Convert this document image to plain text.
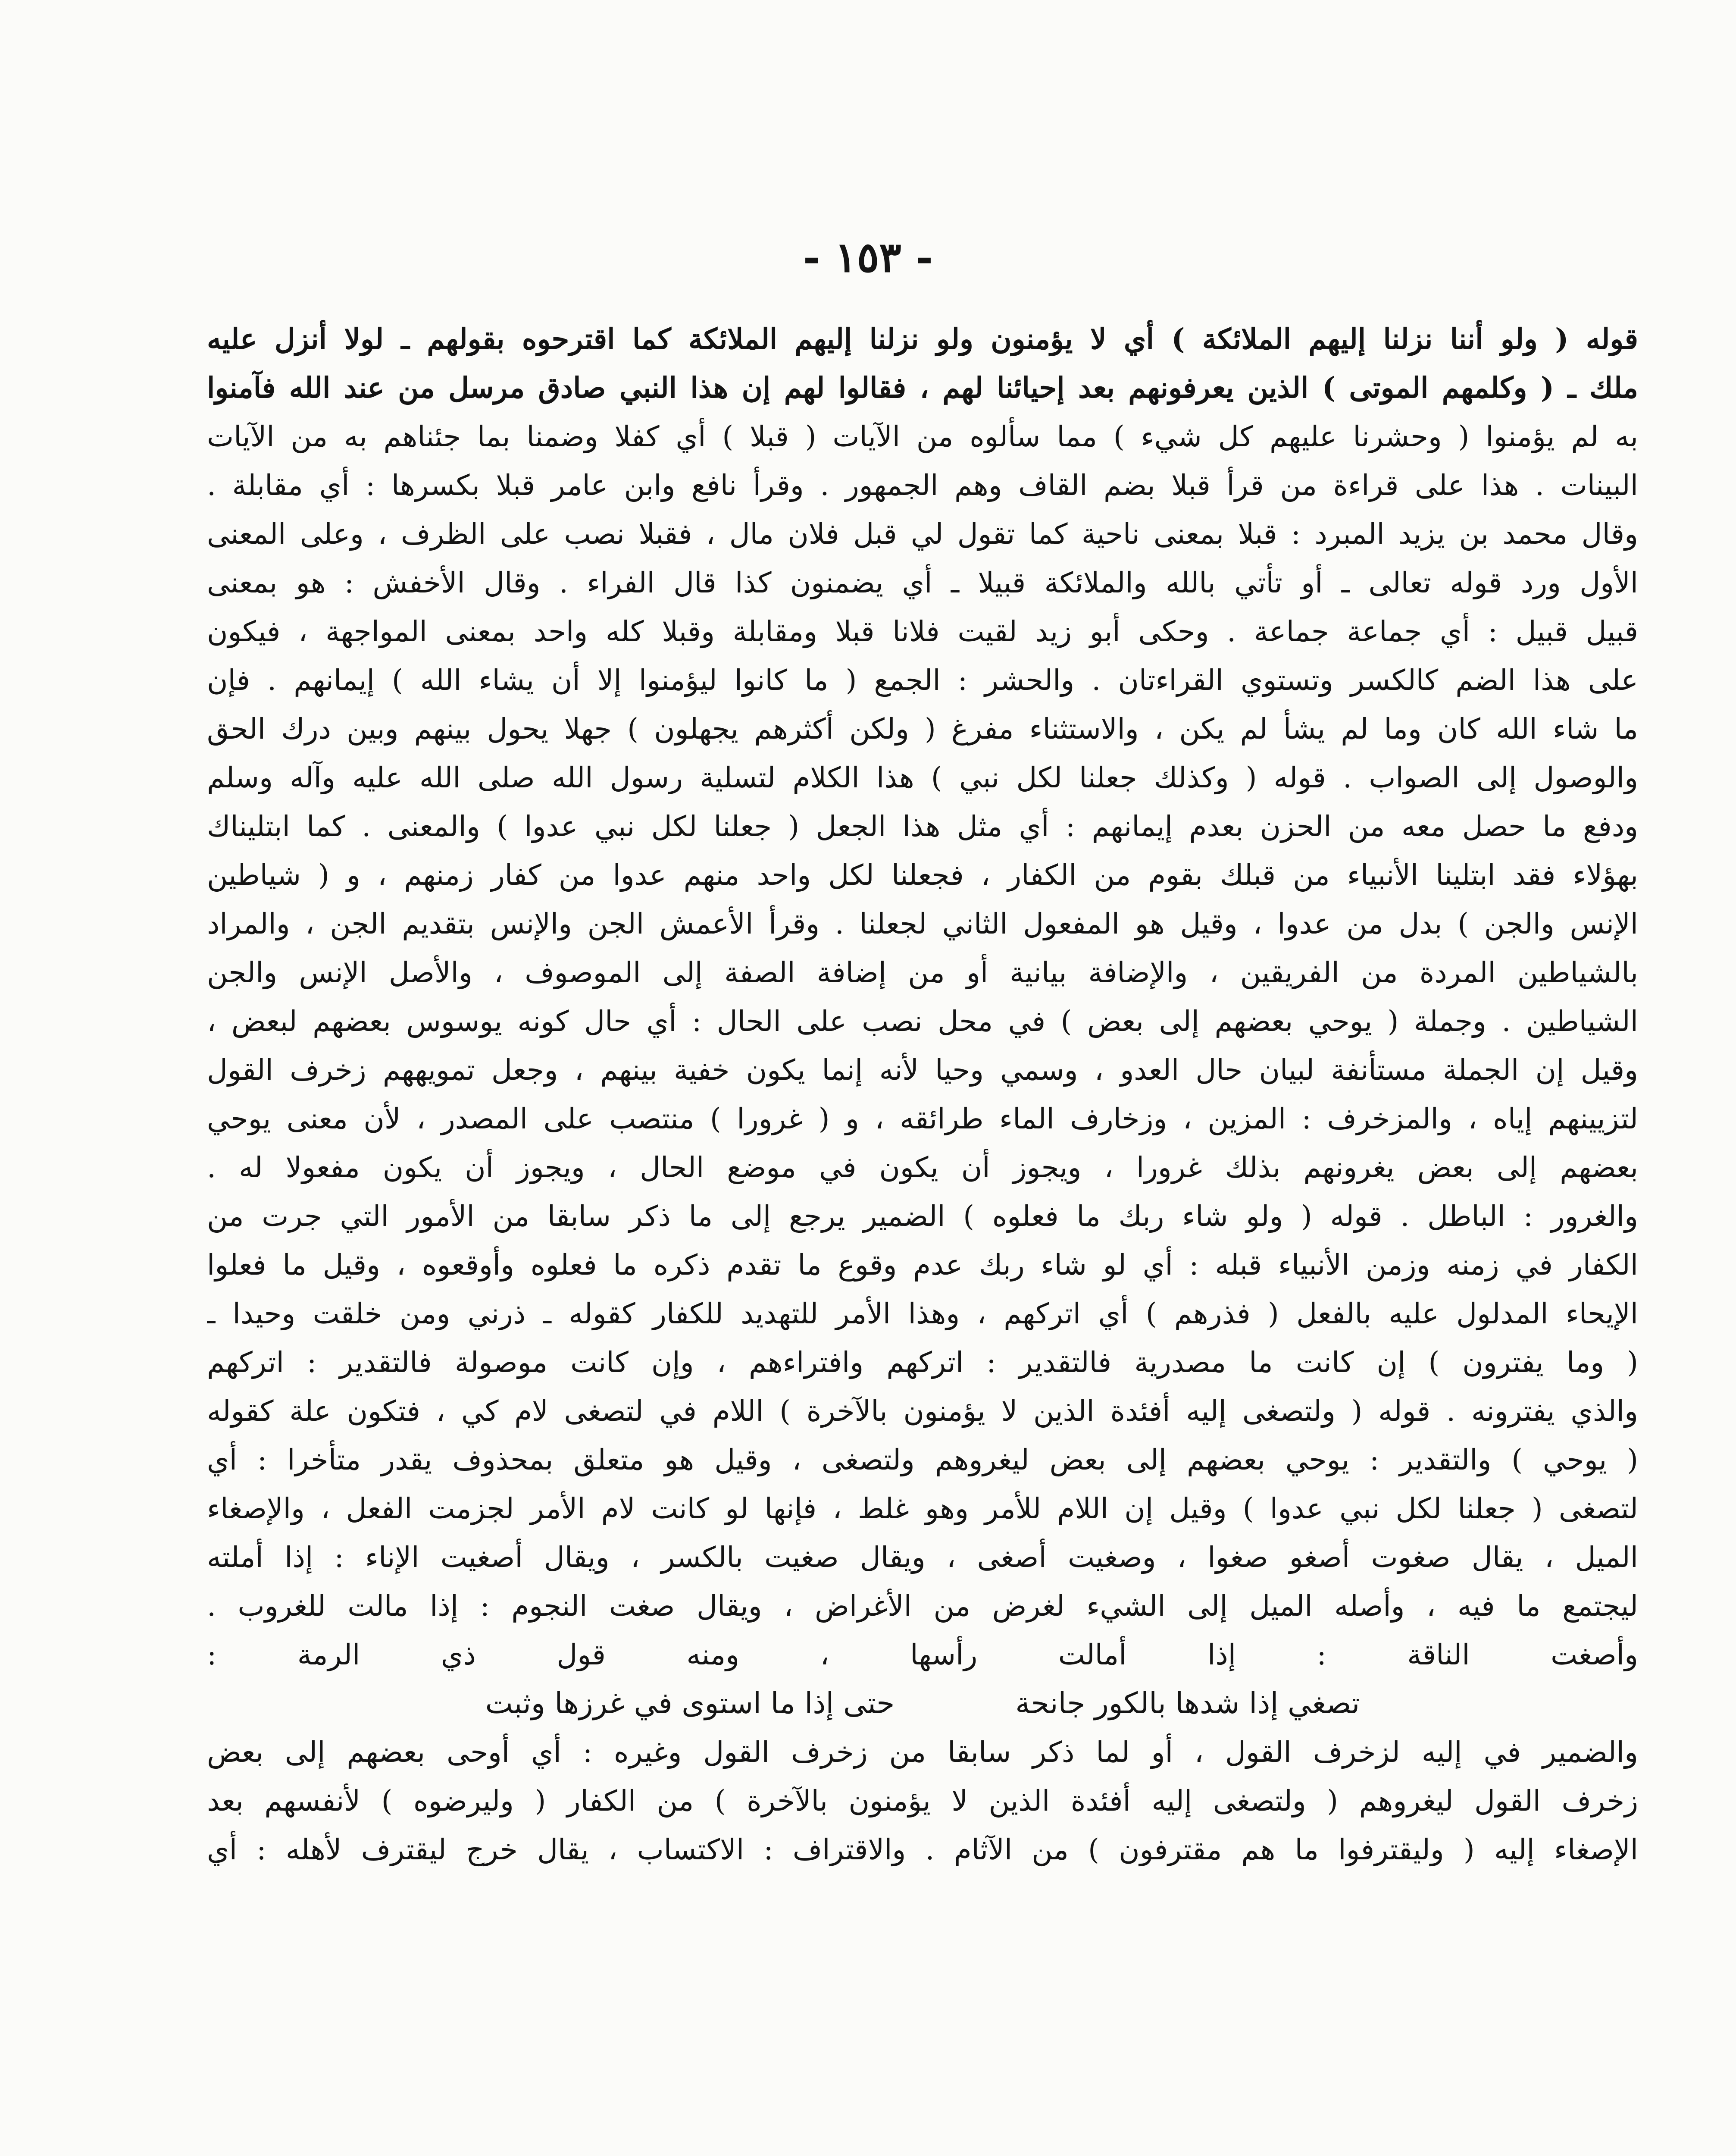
- ١٥٣ -
قوله ( ولو أننا نزلنا إليهم الملائكة ) أي لا يؤمنون ولو نزلنا إليهم الملائكة كما اقترحوه بقولهم ـ لولا أنزل عليه
ملك ـ ( وكلمهم الموتى ) الذين يعرفونهم بعد إحيائنا لهم ، فقالوا لهم إن هذا النبي صادق مرسل من عند الله فآمنوا
به لم يؤمنوا ( وحشرنا عليهم كل شيء ) مما سألوه من الآيات ( قبلا ) أي كفلا وضمنا بما جئناهم به من الآيات
البينات . هذا على قراءة من قرأ قبلا بضم القاف وهم الجمهور . وقرأ نافع وابن عامر قبلا بكسرها : أي مقابلة .
وقال محمد بن يزيد المبرد : قبلا بمعنى ناحية كما تقول لي قبل فلان مال ، فقبلا نصب على الظرف ، وعلى المعنى
الأول ورد قوله تعالى ـ أو تأتي بالله والملائكة قبيلا ـ أي يضمنون كذا قال الفراء . وقال الأخفش : هو بمعنى
قبيل قبيل : أي جماعة جماعة . وحكى أبو زيد لقيت فلانا قبلا ومقابلة وقبلا كله واحد بمعنى المواجهة ، فيكون
على هذا الضم كالكسر وتستوي القراءتان . والحشر : الجمع ( ما كانوا ليؤمنوا إلا أن يشاء الله ) إيمانهم . فإن
ما شاء الله كان وما لم يشأ لم يكن ، والاستثناء مفرغ ( ولكن أكثرهم يجهلون ) جهلا يحول بينهم وبين درك الحق
والوصول إلى الصواب . قوله ( وكذلك جعلنا لكل نبي ) هذا الكلام لتسلية رسول الله صلى الله عليه وآله وسلم
ودفع ما حصل معه من الحزن بعدم إيمانهم : أي مثل هذا الجعل ( جعلنا لكل نبي عدوا ) والمعنى . كما ابتليناك
بهؤلاء فقد ابتلينا الأنبياء من قبلك بقوم من الكفار ، فجعلنا لكل واحد منهم عدوا من كفار زمنهم ، و ( شياطين
الإنس والجن ) بدل من عدوا ، وقيل هو المفعول الثاني لجعلنا . وقرأ الأعمش الجن والإنس بتقديم الجن ، والمراد
بالشياطين المردة من الفريقين ، والإضافة بيانية أو من إضافة الصفة إلى الموصوف ، والأصل الإنس والجن
الشياطين . وجملة ( يوحي بعضهم إلى بعض ) في محل نصب على الحال : أي حال كونه يوسوس بعضهم لبعض ،
وقيل إن الجملة مستأنفة لبيان حال العدو ، وسمي وحيا لأنه إنما يكون خفية بينهم ، وجعل تمويههم زخرف القول
لتزيينهم إياه ، والمزخرف : المزين ، وزخارف الماء طرائقه ، و ( غرورا ) منتصب على المصدر ، لأن معنى يوحي
بعضهم إلى بعض يغرونهم بذلك غرورا ، ويجوز أن يكون في موضع الحال ، ويجوز أن يكون مفعولا له .
والغرور : الباطل . قوله ( ولو شاء ربك ما فعلوه ) الضمير يرجع إلى ما ذكر سابقا من الأمور التي جرت من
الكفار في زمنه وزمن الأنبياء قبله : أي لو شاء ربك عدم وقوع ما تقدم ذكره ما فعلوه وأوقعوه ، وقيل ما فعلوا
الإيحاء المدلول عليه بالفعل ( فذرهم ) أي اتركهم ، وهذا الأمر للتهديد للكفار كقوله ـ ذرني ومن خلقت وحيدا ـ
( وما يفترون ) إن كانت ما مصدرية فالتقدير : اتركهم وافتراءهم ، وإن كانت موصولة فالتقدير : اتركهم
والذي يفترونه . قوله ( ولتصغى إليه أفئدة الذين لا يؤمنون بالآخرة ) اللام في لتصغى لام كي ، فتكون علة كقوله
( يوحي ) والتقدير : يوحي بعضهم إلى بعض ليغروهم ولتصغى ، وقيل هو متعلق بمحذوف يقدر متأخرا : أي
لتصغى ( جعلنا لكل نبي عدوا ) وقيل إن اللام للأمر وهو غلط ، فإنها لو كانت لام الأمر لجزمت الفعل ، والإصغاء
الميل ، يقال صغوت أصغو صغوا ، وصغيت أصغى ، ويقال صغيت بالكسر ، ويقال أصغيت الإناء : إذا أملته
ليجتمع ما فيه ، وأصله الميل إلى الشيء لغرض من الأغراض ، ويقال صغت النجوم : إذا مالت للغروب .
وأصغت الناقة : إذا أمالت رأسها ، ومنه قول ذي الرمة :
تصغي إذا شدها بالكور جانحة
حتى إذا ما استوى في غرزها وثبت
والضمير في إليه لزخرف القول ، أو لما ذكر سابقا من زخرف القول وغيره : أي أوحى بعضهم إلى بعض
زخرف القول ليغروهم ( ولتصغى إليه أفئدة الذين لا يؤمنون بالآخرة ) من الكفار ( وليرضوه ) لأنفسهم بعد
الإصغاء إليه ( وليقترفوا ما هم مقترفون ) من الآثام . والاقتراف : الاكتساب ، يقال خرج ليقترف لأهله : أي
